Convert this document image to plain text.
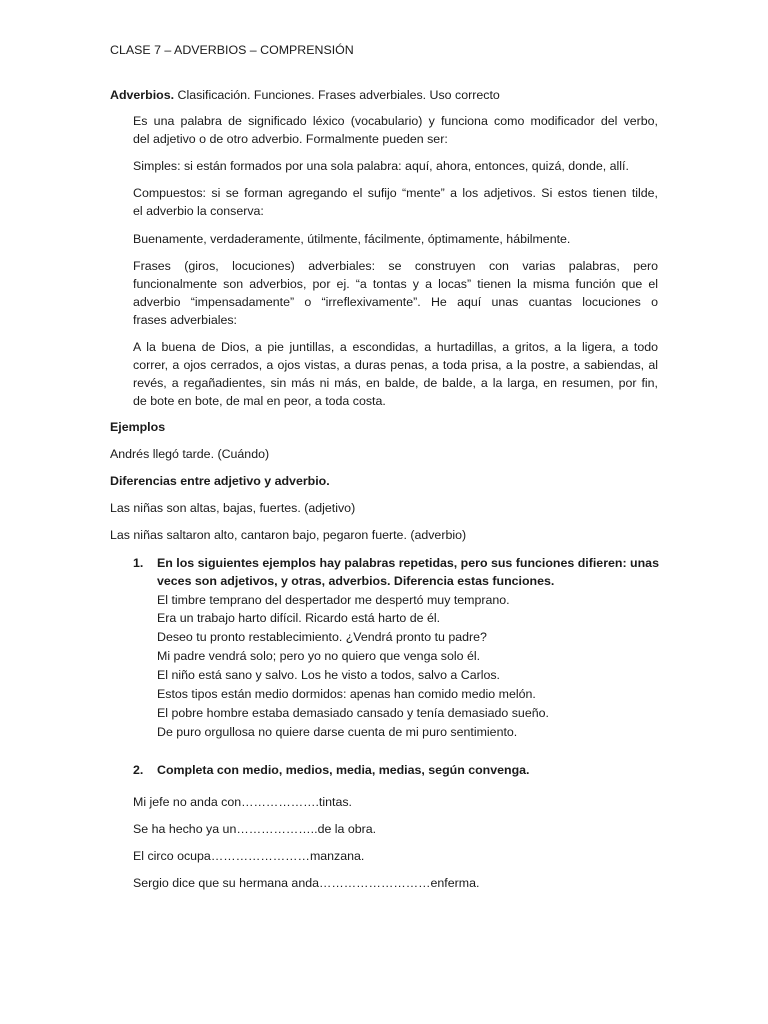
CLASE 7 – ADVERBIOS – COMPRENSIÓN
Adverbios. Clasificación. Funciones. Frases adverbiales. Uso correcto
Es una palabra de significado léxico (vocabulario) y funciona como modificador del verbo,
del adjetivo o de otro adverbio. Formalmente pueden ser:
Simples: si están formados por una sola palabra: aquí, ahora, entonces, quizá, donde, allí.
Compuestos: si se forman agregando el sufijo “mente” a los adjetivos. Si estos tienen tilde,
el adverbio la conserva:
Buenamente, verdaderamente, útilmente, fácilmente, óptimamente, hábilmente.
Frases (giros, locuciones) adverbiales: se construyen con varias palabras, pero
funcionalmente son adverbios, por ej. “a tontas y a locas” tienen la misma función que el
adverbio “impensadamente” o “irreflexivamente”. He aquí unas cuantas locuciones o
frases adverbiales:
A la buena de Dios, a pie juntillas, a escondidas, a hurtadillas, a gritos, a la ligera, a todo
correr, a ojos cerrados, a ojos vistas, a duras penas, a toda prisa, a la postre, a sabiendas, al
revés, a regañadientes, sin más ni más, en balde, de balde, a la larga, en resumen, por fin,
de bote en bote, de mal en peor, a toda costa.
Ejemplos
Andrés llegó tarde. (Cuándo)
Diferencias entre adjetivo y adverbio.
Las niñas son altas, bajas, fuertes. (adjetivo)
Las niñas saltaron alto, cantaron bajo, pegaron fuerte. (adverbio)
1. En los siguientes ejemplos hay palabras repetidas, pero sus funciones difieren: unas
veces son adjetivos, y otras, adverbios. Diferencia estas funciones.
El timbre temprano del despertador me despertó muy temprano.
Era un trabajo harto difícil. Ricardo está harto de él.
Deseo tu pronto restablecimiento. ¿Vendrá pronto tu padre?
Mi padre vendrá solo; pero yo no quiero que venga solo él.
El niño está sano y salvo. Los he visto a todos, salvo a Carlos.
Estos tipos están medio dormidos: apenas han comido medio melón.
El pobre hombre estaba demasiado cansado y tenía demasiado sueño.
De puro orgullosa no quiere darse cuenta de mi puro sentimiento.
2. Completa con medio, medios, media, medias, según convenga.
Mi jefe no anda con……………….tintas.
Se ha hecho ya un………………..de la obra.
El circo ocupa……………………manzana.
Sergio dice que su hermana anda………………………enferma.
